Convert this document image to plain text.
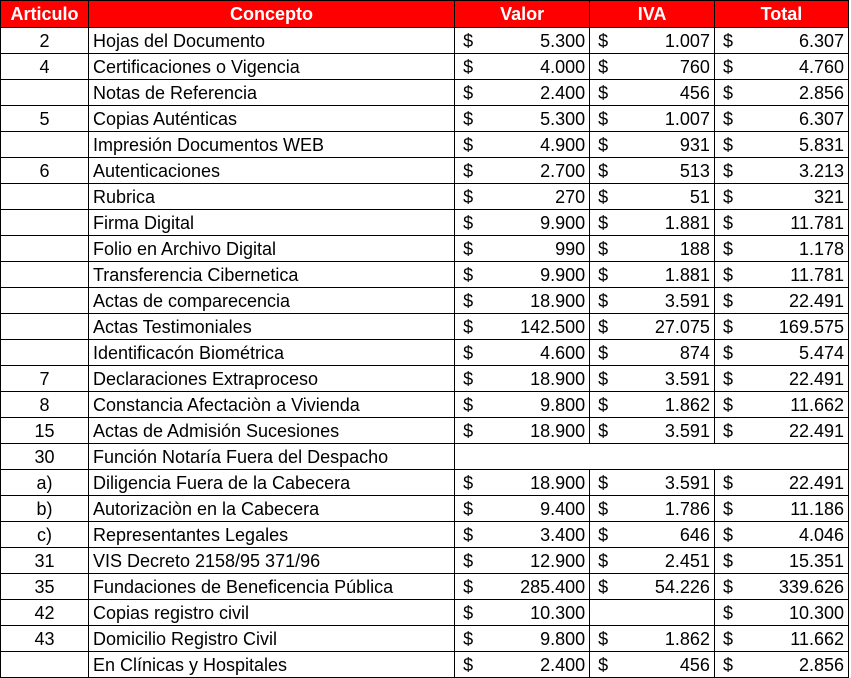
Articulo	Concepto	Valor		IVA		Total	
2	Hojas del Documento	$	5.300	$	1.007	$	6.307
4	Certificaciones o Vigencia	$	4.000	$	760	$	4.760
	Notas de Referencia	$	2.400	$	456	$	2.856
5	Copias Auténticas	$	5.300	$	1.007	$	6.307
	Impresión Documentos WEB	$	4.900	$	931	$	5.831
6	Autenticaciones	$	2.700	$	513	$	3.213
	Rubrica	$	270	$	51	$	321
	Firma Digital	$	9.900	$	1.881	$	11.781
	Folio en Archivo Digital	$	990	$	188	$	1.178
	Transferencia Cibernetica	$	9.900	$	1.881	$	11.781
	Actas de comparecencia	$	18.900	$	3.591	$	22.491
	Actas Testimoniales	$	142.500	$	27.075	$	169.575
	Identificacón Biométrica	$	4.600	$	874	$	5.474
7	Declaraciones Extraproceso	$	18.900	$	3.591	$	22.491
8	Constancia Afectaciòn a Vivienda	$	9.800	$	1.862	$	11.662
15	Actas de Admisión Sucesiones	$	18.900	$	3.591	$	22.491
30	Función Notaría Fuera del Despacho						
a)	Diligencia Fuera de la Cabecera	$	18.900	$	3.591	$	22.491
b)	Autorizaciòn en la Cabecera	$	9.400	$	1.786	$	11.186
c)	Representantes Legales	$	3.400	$	646	$	4.046
31	VIS Decreto 2158/95 371/96	$	12.900	$	2.451	$	15.351
35	Fundaciones de Beneficencia Pública	$	285.400	$	54.226	$	339.626
42	Copias registro civil	$	10.300			$	10.300
43	Domicilio Registro Civil	$	9.800	$	1.862	$	11.662
	En Clínicas y Hospitales	$	2.400	$	456	$	2.856
